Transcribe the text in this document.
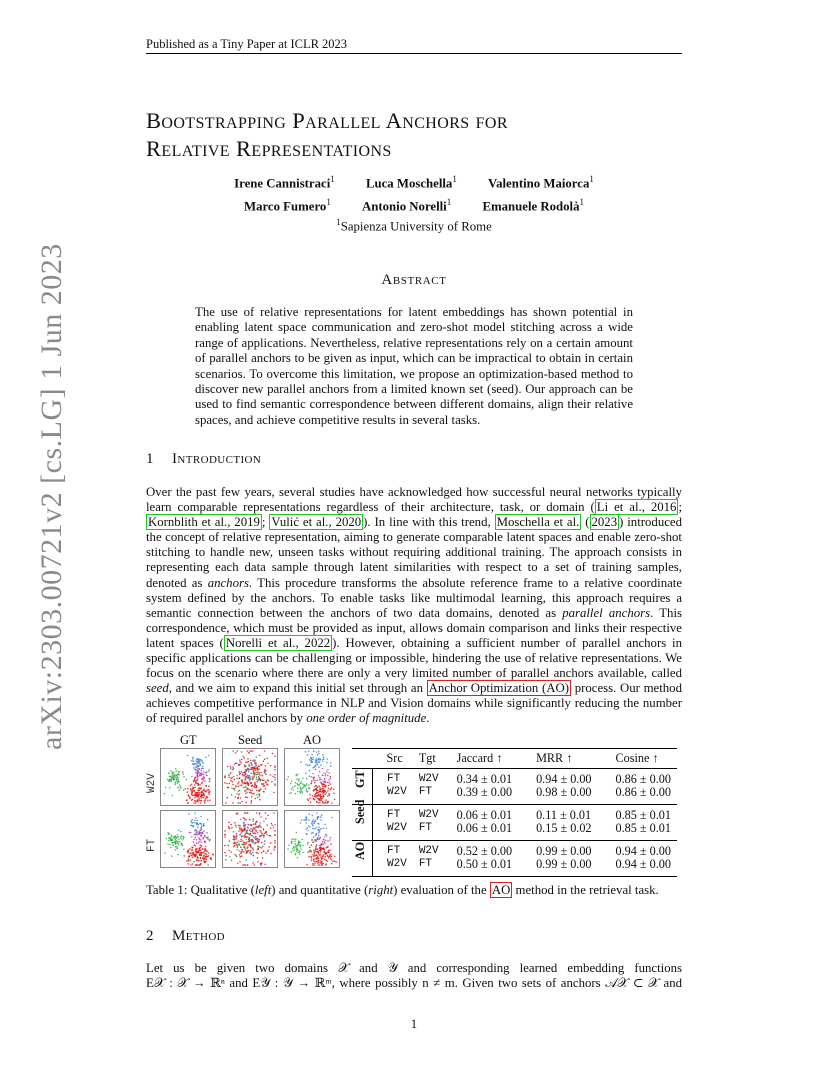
Published as a Tiny Paper at ICLR 2023
arXiv:2303.00721v2 [cs.LG] 1 Jun 2023
Bootstrapping Parallel Anchors for
Relative Representations
Irene Cannistraci$^1$ Luca Moschella$^1$ Valentino Maiorca$^1$
Marco Fumero$^1$ Antonio Norelli$^1$ Emanuele Rodolà$^1$
$^1$Sapienza University of Rome
Abstract
The use of relative representations for latent embeddings has shown potential in enabling latent space communication and zero-shot model stitching across a wide range of applications. Nevertheless, relative representations rely on a certain amount of parallel anchors to be given as input, which can be impractical to obtain in certain scenarios. To overcome this limitation, we propose an optimization-based method to discover new parallel anchors from a limited known set (seed). Our approach can be used to find semantic correspondence between different domains, align their relative spaces, and achieve competitive results in several tasks.
1 Introduction
Over the past few years, several studies have acknowledged how successful neural networks typically learn comparable representations regardless of their architecture, task, or domain ( Li et al., 2016 ; Kornblith et al., 2019 ; Vulić et al., 2020 ). In line with this trend, Moschella et al. ( 2023 ) introduced the concept of relative representation, aiming to generate comparable latent spaces and enable zero-shot stitching to handle new, unseen tasks without requiring additional training. The approach consists in representing each data sample through latent similarities with respect to a set of training samples, denoted as anchors. This procedure transforms the absolute reference frame to a relative coordinate system defined by the anchors. To enable tasks like multimodal learning, this approach requires a semantic connection between the anchors of two data domains, denoted as parallel anchors. This correspondence, which must be provided as input, allows domain comparison and links their respective latent spaces ( Norelli et al., 2022 ). However, obtaining a sufficient number of parallel anchors in specific applications can be challenging or impossible, hindering the use of relative representations. We focus on the scenario where there are only a very limited number of parallel anchors available, called seed, and we aim to expand this initial set through an Anchor Optimization (AO) process. Our method achieves competitive performance in NLP and Vision domains while significantly reducing the number of required parallel anchors by one order of magnitude.
GT	Seed	AO
W2V
FT
	Src	Tgt	Jaccard ↑	MRR ↑	Cosine ↑

GT	FT	W2V	0.34 ± 0.01	0.94 ± 0.00	0.86 ± 0.00
	W2V	FT	0.39 ± 0.00	0.98 ± 0.00	0.86 ± 0.00

Seed	FT	W2V	0.06 ± 0.01	0.11 ± 0.01	0.85 ± 0.01
	W2V	FT	0.06 ± 0.01	0.15 ± 0.02	0.85 ± 0.01

AO	FT	W2V	0.52 ± 0.00	0.99 ± 0.00	0.94 ± 0.00
	W2V	FT	0.50 ± 0.01	0.99 ± 0.00	0.94 ± 0.00
Table 1: Qualitative (left) and quantitative (right) evaluation of the AO method in the retrieval task.
2 Method
Let us be given two domains 𝒳 and 𝒴 and corresponding learned embedding functions
E𝒳 : 𝒳 → ℝⁿ and E𝒴 : 𝒴 → ℝᵐ, where possibly n ≠ m. Given two sets of anchors 𝒜𝒳 ⊂ 𝒳 and
1
